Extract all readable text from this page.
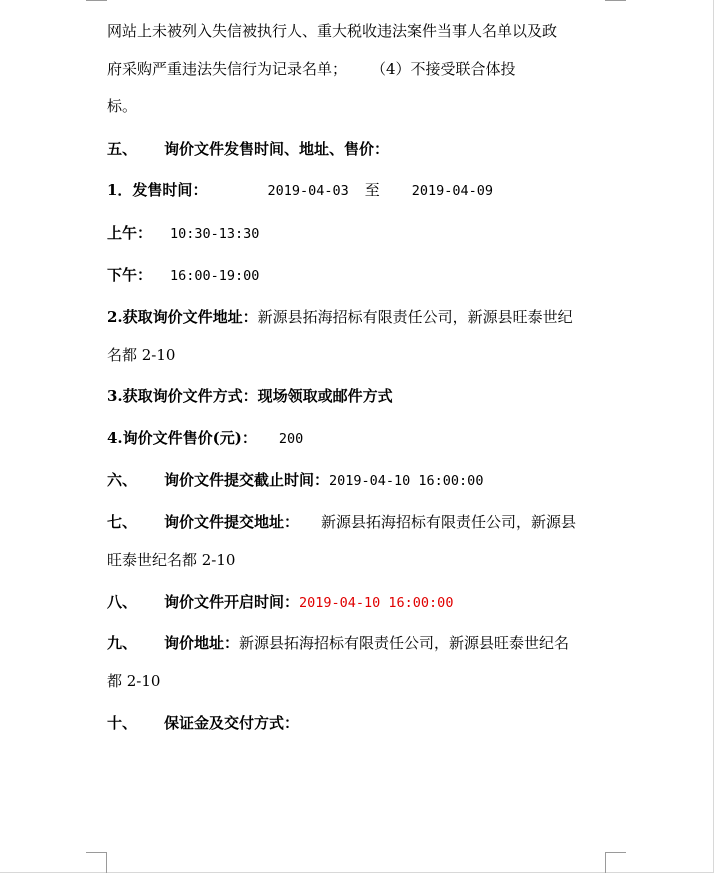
网站上未被列入失信被执行人、重大税收违法案件当事人名单以及政
府采购严重违法失信行为记录名单； （4）不接受联合体投
标。
五、 询价文件发售时间、地址、售价：
1．发售时间：	2019-04-03 至 2019-04-09
上午： 10:30-13:30
下午： 16:00-19:00
2.获取询价文件地址：新源县拓海招标有限责任公司，新源县旺泰世纪
名都 2-10
3.获取询价文件方式：现场领取或邮件方式
4.询价文件售价(元)： 200
六、 询价文件提交截止时间：2019-04-10 16:00:00
七、 询价文件提交地址： 新源县拓海招标有限责任公司，新源县
旺泰世纪名都 2-10
八、 询价文件开启时间：2019-04-10 16:00:00
九、 询价地址：新源县拓海招标有限责任公司，新源县旺泰世纪名
都 2-10
十、 保证金及交付方式：
